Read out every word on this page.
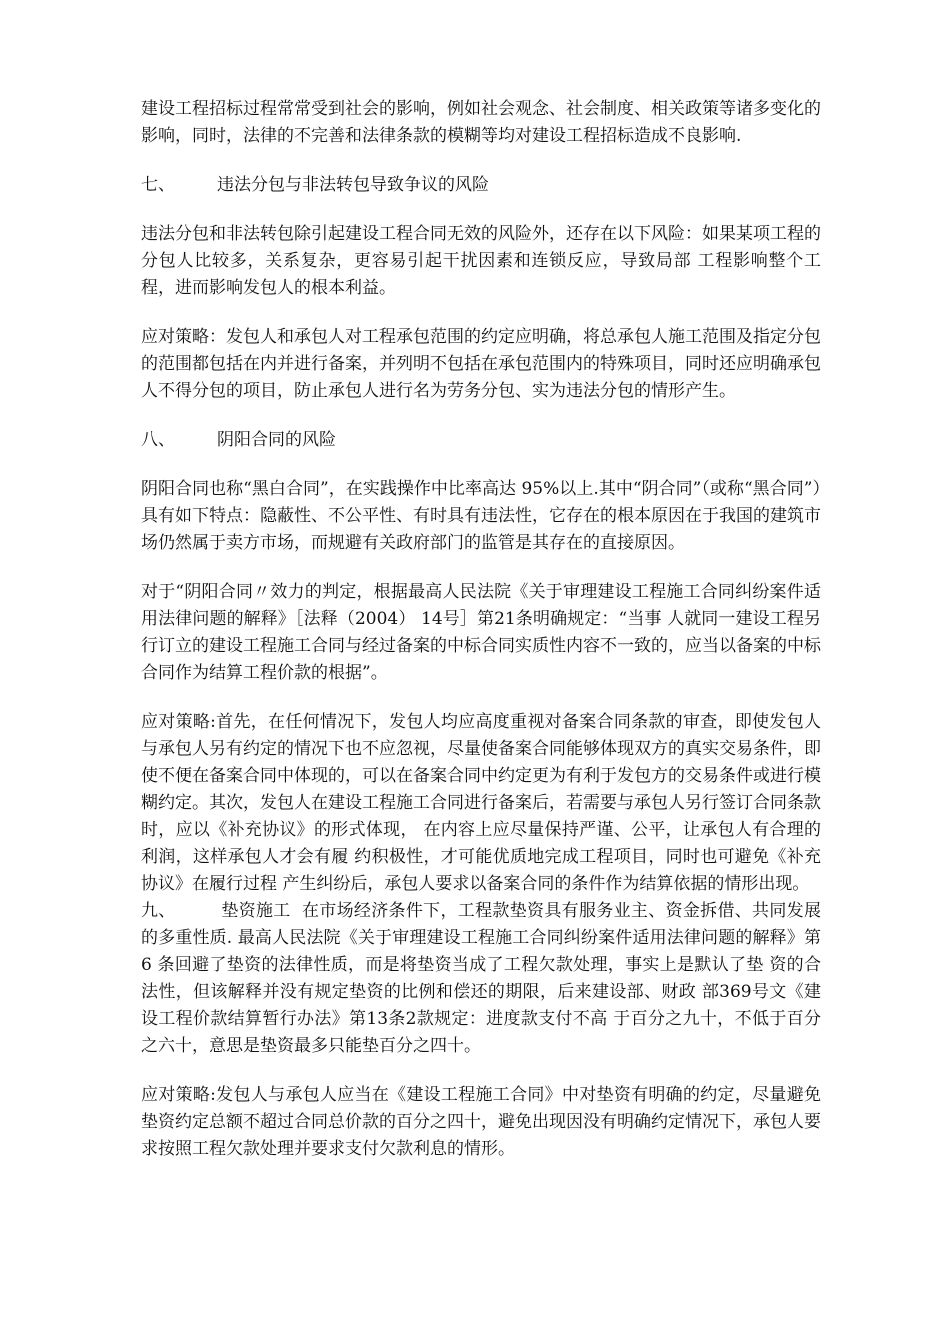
建设工程招标过程常常受到社会的影响，例如社会观念、社会制度、相关政策等诸多变化的影响，同时，法律的不完善和法律条款的模糊等均对建设工程招标造成不良影响.

七、	违法分包与非法转包导致争议的风险

违法分包和非法转包除引起建设工程合同无效的风险外，还存在以下风险：如果某项工程的分包人比较多，关系复杂，更容易引起干扰因素和连锁反应，导致局部 工程影响整个工程，进而影响发包人的根本利益。

应对策略：发包人和承包人对工程承包范围的约定应明确，将总承包人施工范围及指定分包的范围都包括在内并进行备案，并列明不包括在承包范围内的特殊项目，同时还应明确承包人不得分包的项目，防止承包人进行名为劳务分包、实为违法分包的情形产生。

八、	阴阳合同的风险

阴阳合同也称“黑白合同”，在实践操作中比率高达 95%以上.其中“阴合同”（或称“黑合同”）具有如下特点：隐蔽性、不公平性、有时具有违法性，它存在的根本原因在于我国的建筑市场仍然属于卖方市场，而规避有关政府部门的监管是其存在的直接原因。

对于“阴阳合同〃效力的判定，根据最高人民法院《关于审理建设工程施工合同纠纷案件适用法律问题的解释》［法释（2004） 14号］第21条明确规定：“当事 人就同一建设工程另行订立的建设工程施工合同与经过备案的中标合同实质性内容不一致的，应当以备案的中标合同作为结算工程价款的根据”。

应对策略:首先，在任何情况下，发包人均应高度重视对备案合同条款的审查，即使发包人与承包人另有约定的情况下也不应忽视，尽量使备案合同能够体现双方的真实交易条件，即使不便在备案合同中体现的，可以在备案合同中约定更为有利于发包方的交易条件或进行模糊约定。其次，发包人在建设工程施工合同进行备案后，若需要与承包人另行签订合同条款时，应以《补充协议》的形式体现， 在内容上应尽量保持严谨、公平，让承包人有合理的利润，这样承包人才会有履 约积极性，才可能优质地完成工程项目，同时也可避免《补充协议》在履行过程 产生纠纷后，承包人要求以备案合同的条件作为结算依据的情形出现。

九、        垫资施工  在市场经济条件下，工程款垫资具有服务业主、资金拆借、共同发展的多重性质. 最高人民法院《关于审理建设工程施工合同纠纷案件适用法律问题的解释》第6 条回避了垫资的法律性质，而是将垫资当成了工程欠款处理，事实上是默认了垫 资的合法性，但该解释并没有规定垫资的比例和偿还的期限，后来建设部、财政 部369号文《建设工程价款结算暂行办法》第13条2款规定：进度款支付不高 于百分之九十，不低于百分之六十，意思是垫资最多只能垫百分之四十。

应对策略:发包人与承包人应当在《建设工程施工合同》中对垫资有明确的约定，尽量避免垫资约定总额不超过合同总价款的百分之四十，避免出现因没有明确约定情况下，承包人要求按照工程欠款处理并要求支付欠款利息的情形。
